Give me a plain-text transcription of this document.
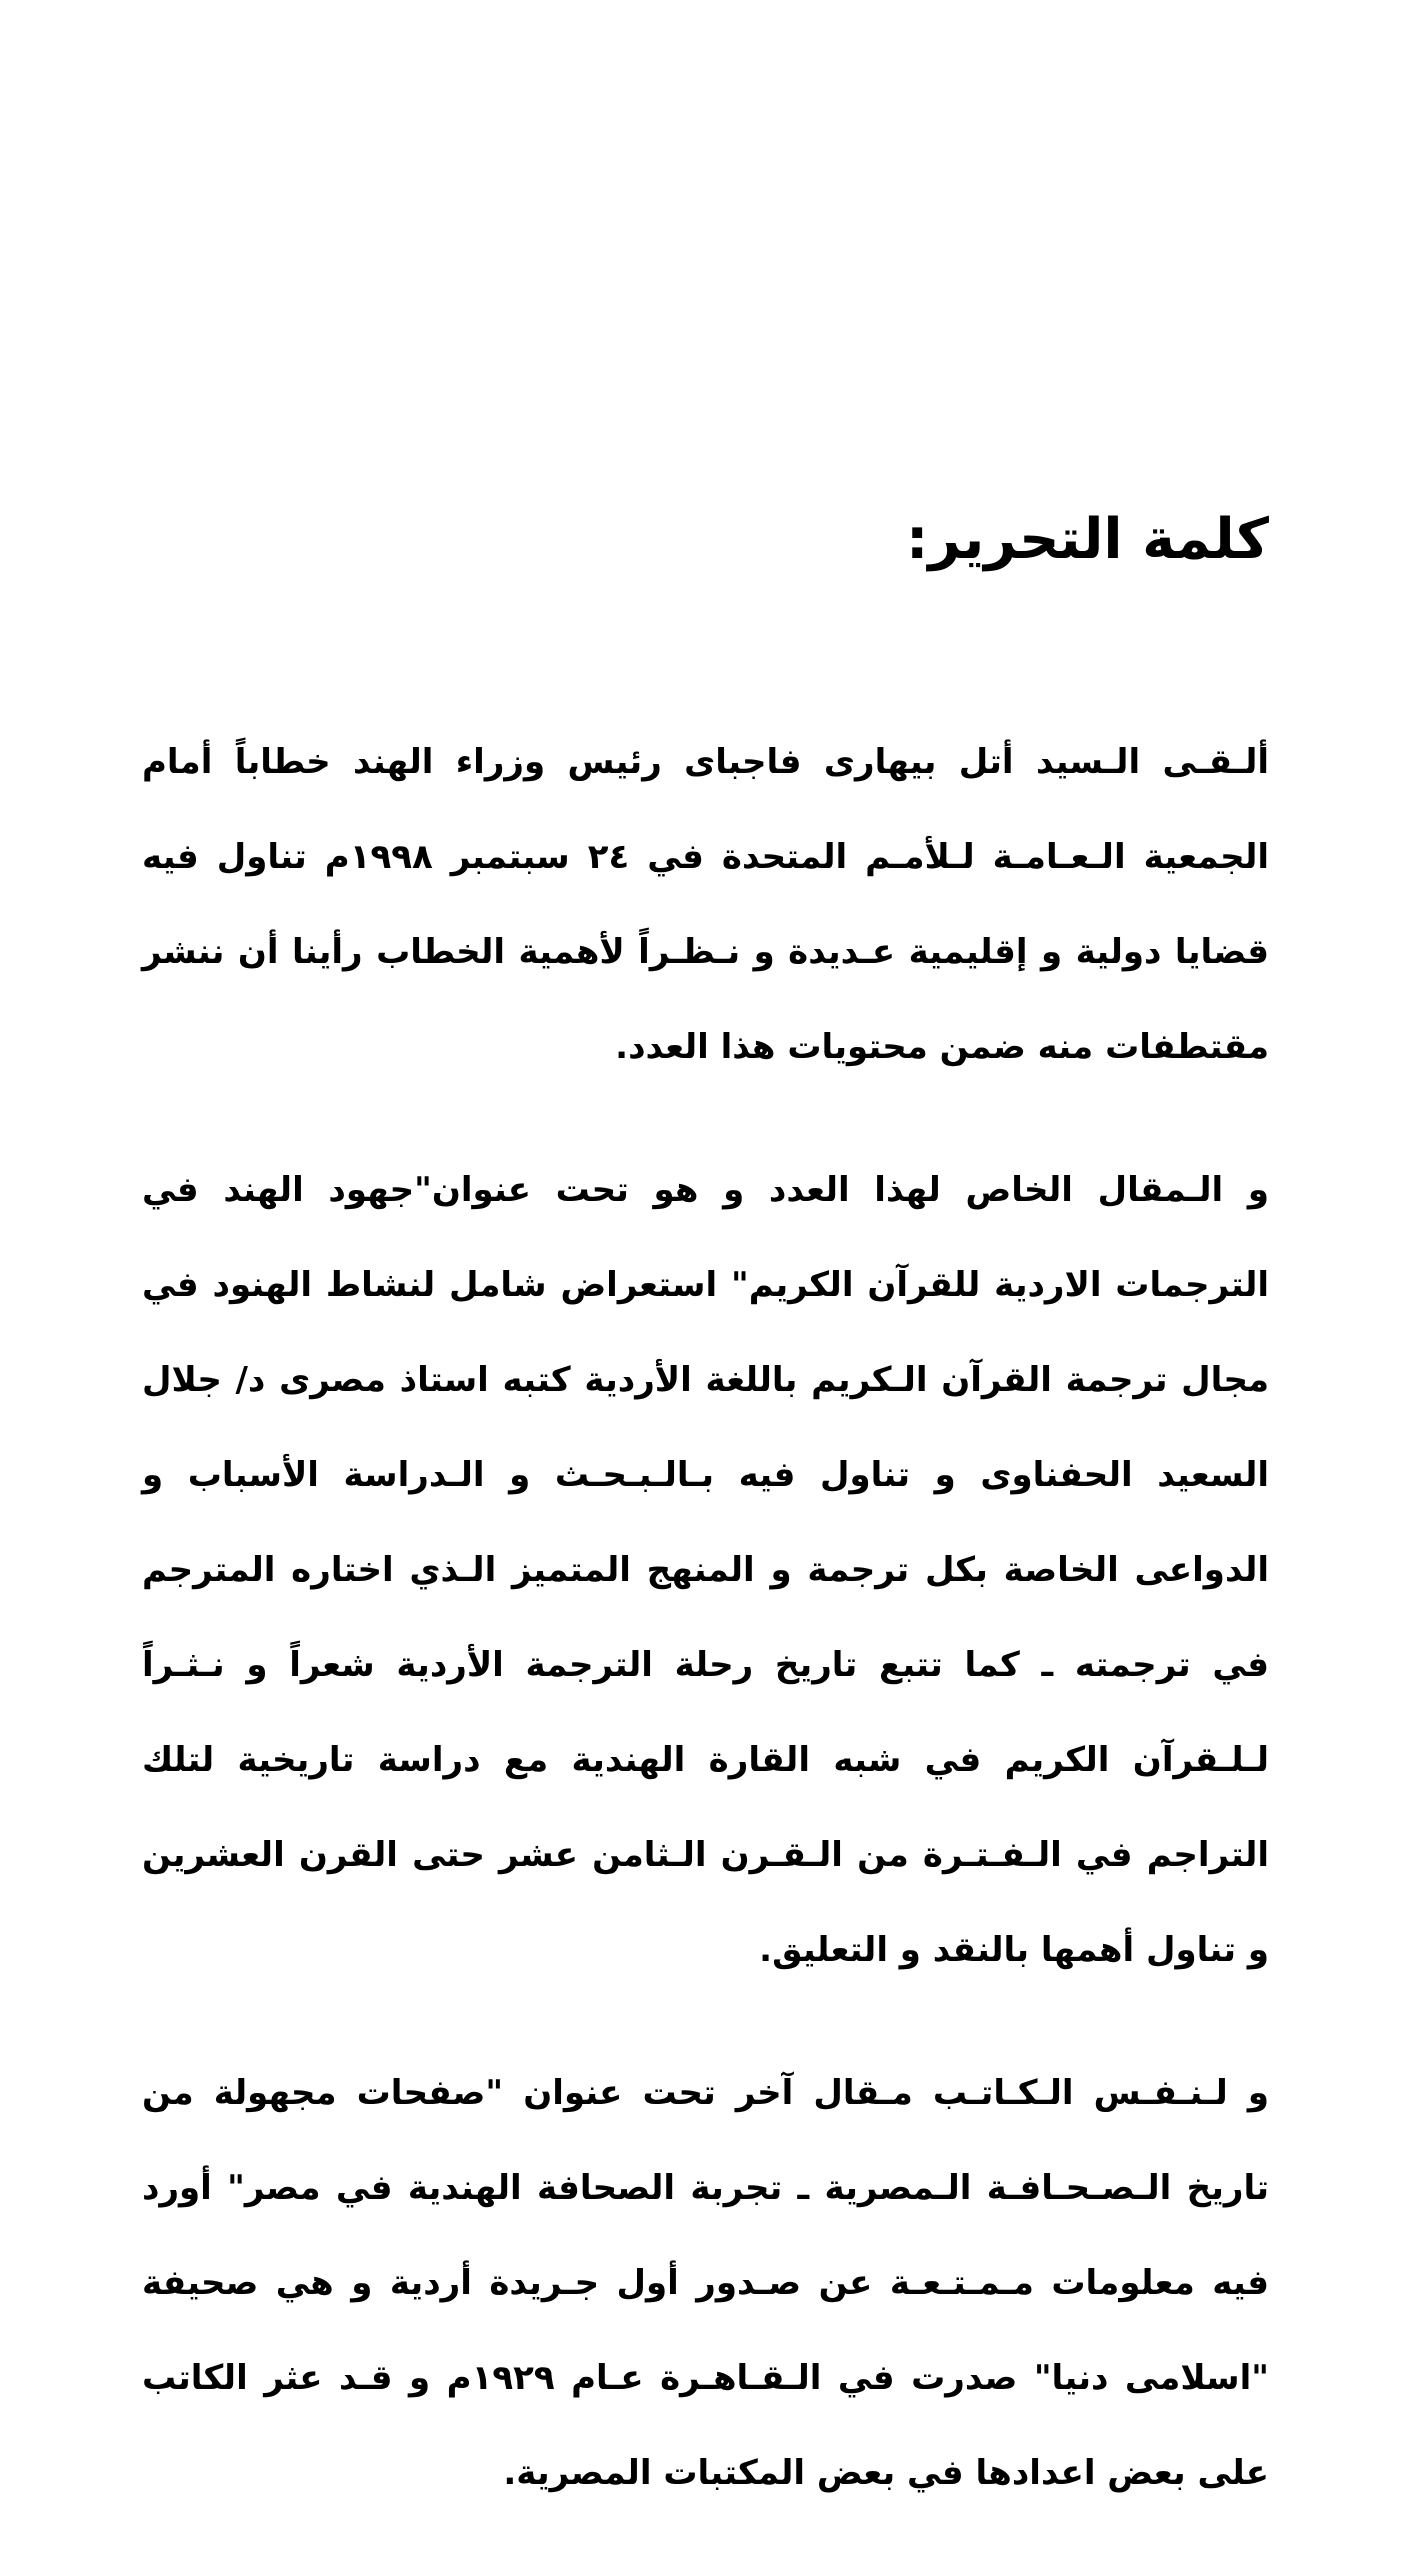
كلمة التحرير:

ألـقـى الـسيد أتل بيهارى فاجباى رئيس وزراء الهند خطاباً أمام الجمعية الـعـامـة لـلأمـم المتحدة في ٢٤ سبتمبر ١٩٩٨م تناول فيه قضايا دولية و إقليمية عـديدة و نـظـراً لأهمية الخطاب رأينا أن ننشر مقتطفات منه ضمن محتويات هذا العدد.

و الـمقال الخاص لهذا العدد و هو تحت عنوان"جهود الهند في الترجمات الاردية للقرآن الكريم" استعراض شامل لنشاط الهنود في مجال ترجمة القرآن الـكريم باللغة الأردية كتبه استاذ مصرى د/ جلال السعيد الحفناوى و تناول فيه بـالـبـحـث و الـدراسة الأسباب و الدواعى الخاصة بكل ترجمة و المنهج المتميز الـذي اختاره المترجم في ترجمته ـ كما تتبع تاريخ رحلة الترجمة الأردية شعراً و نـثـراً لـلـقرآن الكريم في شبه القارة الهندية مع دراسة تاريخية لتلك التراجم في الـفـتـرة من الـقـرن الـثامن عشر حتى القرن العشرين و تناول أهمها بالنقد و التعليق.

و لـنـفـس الـكـاتـب مـقال آخر تحت عنوان "صفحات مجهولة من تاريخ الـصـحـافـة الـمصرية ـ تجربة الصحافة الهندية في مصر" أورد فيه معلومات مـمـتـعـة عن صـدور أول جـريدة أردية و هي صحيفة "اسلامى دنيا" صدرت في الـقـاهـرة عـام ١٩٢٩م و قـد عثر الكاتب على بعض اعدادها في بعض المكتبات المصرية.
